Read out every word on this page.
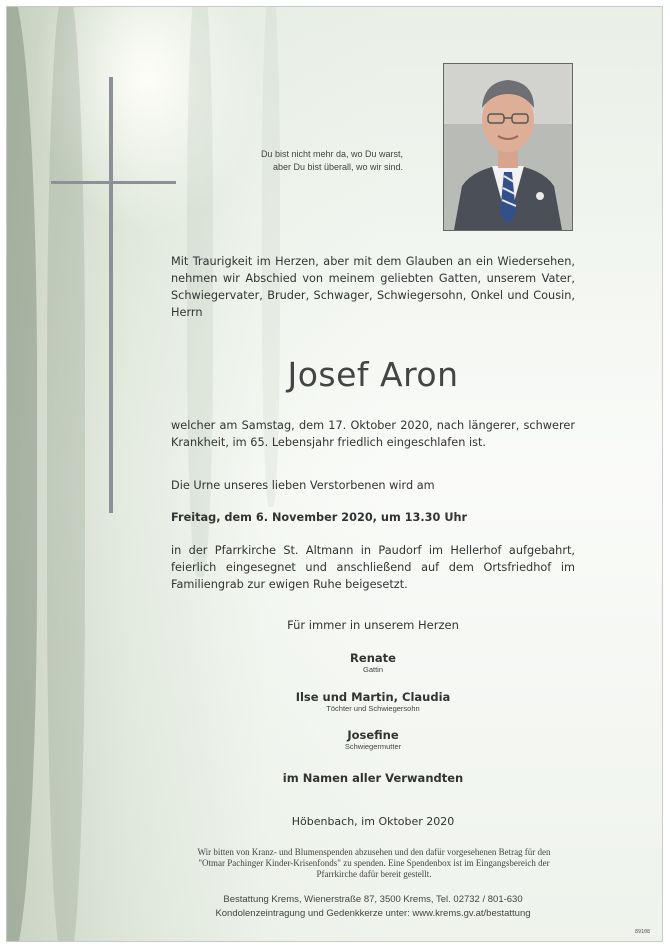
Du bist nicht mehr da, wo Du warst,
aber Du bist überall, wo wir sind.
Mit Traurigkeit im Herzen, aber mit dem Glauben an ein Wiedersehen, nehmen wir Abschied von meinem geliebten Gatten, unserem Vater, Schwiegervater, Bruder, Schwager, Schwiegersohn, Onkel und Cousin, Herrn
Josef Aron
welcher am Samstag, dem 17. Oktober 2020, nach längerer, schwerer Krankheit, im 65. Lebensjahr friedlich eingeschlafen ist.
Die Urne unseres lieben Verstorbenen wird am
Freitag, dem 6. November 2020, um 13.30 Uhr
in der Pfarrkirche St. Altmann in Paudorf im Hellerhof aufgebahrt, feierlich eingesegnet und anschließend auf dem Ortsfriedhof im Familiengrab zur ewigen Ruhe beigesetzt.
Für immer in unserem Herzen
Renate
Gattin
Ilse und Martin, Claudia
Töchter und Schwiegersohn
Josefine
Schwiegermutter
im Namen aller Verwandten
Höbenbach, im Oktober 2020
Wir bitten von Kranz- und Blumenspenden abzusehen und den dafür vorgesehenen Betrag für den
"Otmar Pachinger Kinder-Krisenfonds" zu spenden. Eine Spendenbox ist im Eingangsbereich der
Pfarrkirche dafür bereit gestellt.
Bestattung Krems, Wienerstraße 87, 3500 Krems, Tel. 02732 / 801-630
Kondolenzeintragung und Gedenkkerze unter: www.krems.gv.at/bestattung
89108
